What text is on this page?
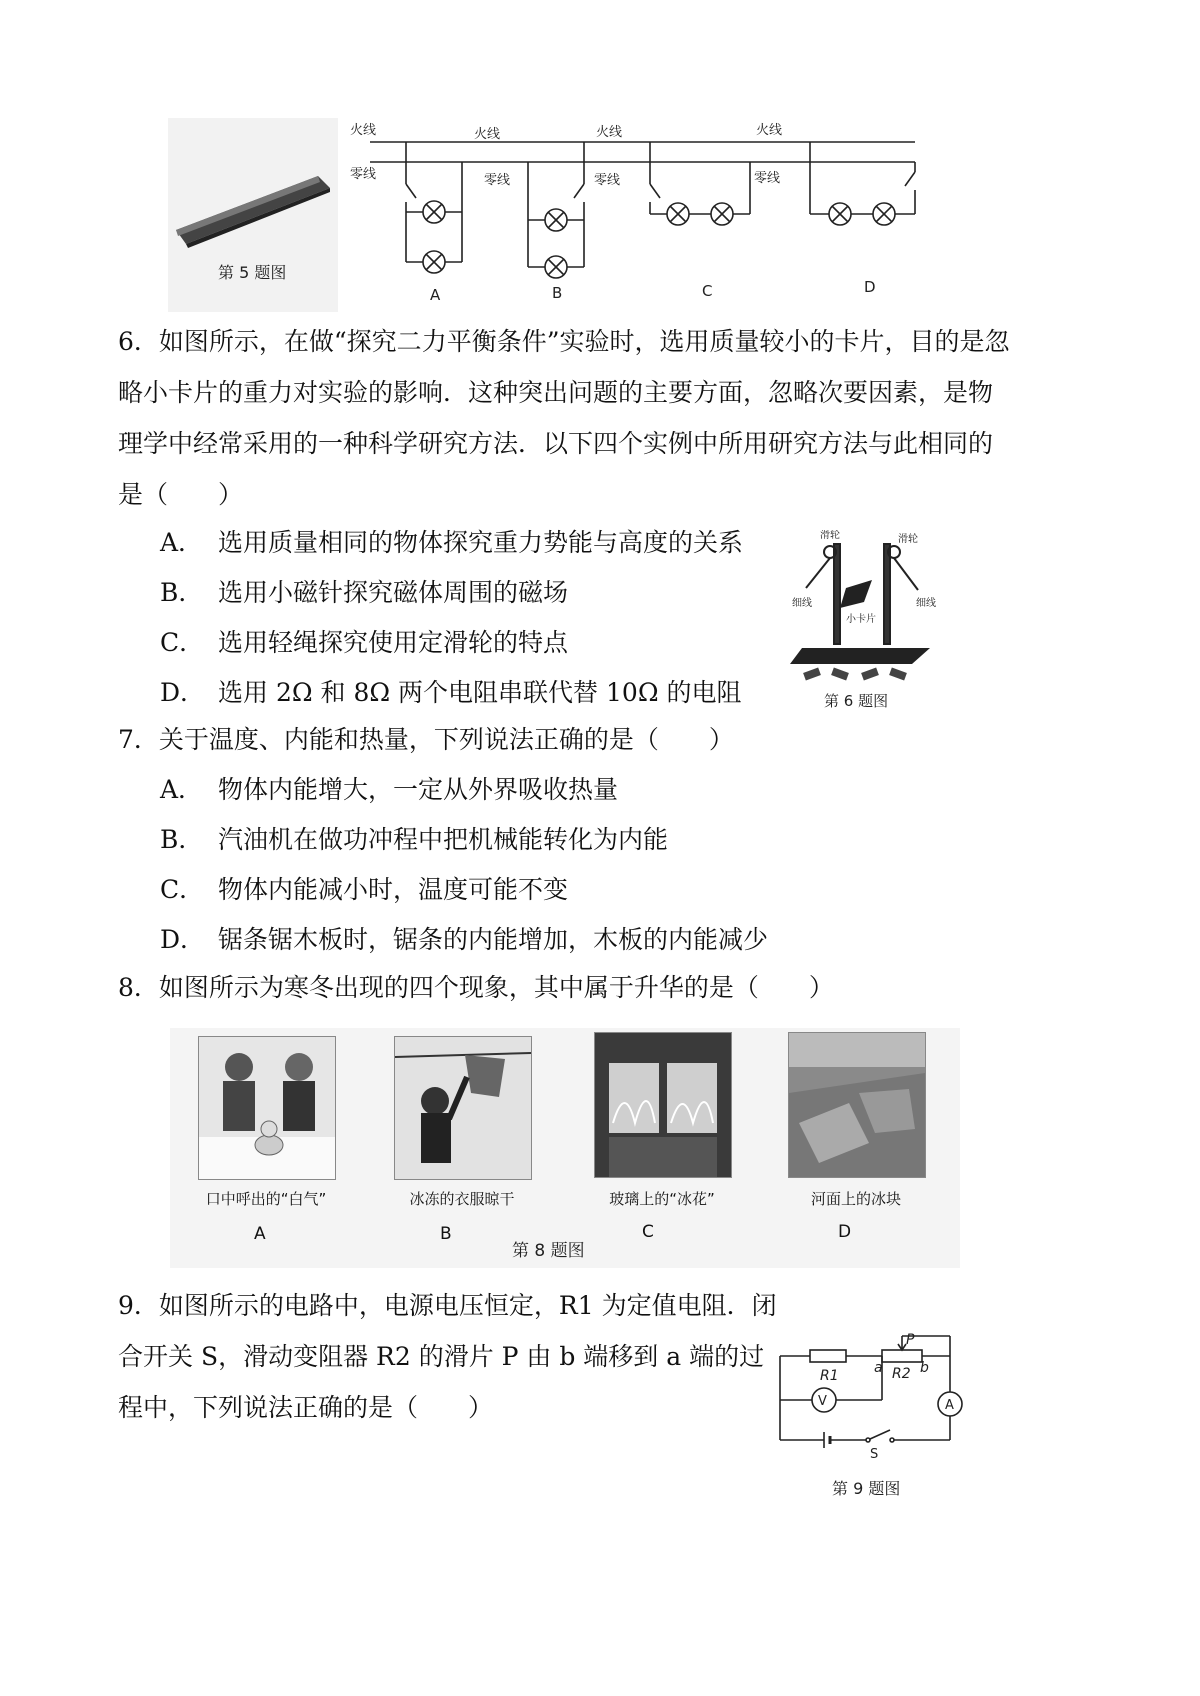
第 5 题图
火线
零线
火线
零线
火线
零线
火线
零线
A	B	C	D
6．如图所示，在做“探究二力平衡条件”实验时，选用质量较小的卡片，目的是忽
略小卡片的重力对实验的影响．这种突出问题的主要方面，忽略次要因素，是物
理学中经常采用的一种科学研究方法．以下四个实例中所用研究方法与此相同的
是（　　）
A． 选用质量相同的物体探究重力势能与高度的关系
B． 选用小磁针探究磁体周围的磁场
C． 选用轻绳探究使用定滑轮的特点
D． 选用 2Ω 和 8Ω 两个电阻串联代替 10Ω 的电阻
滑轮	滑轮
细线	细线
小卡片
第 6 题图
7．关于温度、内能和热量，下列说法正确的是（　　）
A． 物体内能增大，一定从外界吸收热量
B． 汽油机在做功冲程中把机械能转化为内能
C． 物体内能减小时，温度可能不变
D． 锯条锯木板时，锯条的内能增加，木板的内能减少
8．如图所示为寒冬出现的四个现象，其中属于升华的是（　　）
口中呼出的“白气”
A
冰冻的衣服晾干
B
玻璃上的“冰花”
C
河面上的冰块
D
第 8 题图
9．如图所示的电路中，电源电压恒定，R1 为定值电阻．闭
合开关 S，滑动变阻器 R2 的滑片 P 由 b 端移到 a 端的过
程中，下列说法正确的是（　　）
P
R1	a R2 b
V	A
S
第 9 题图
